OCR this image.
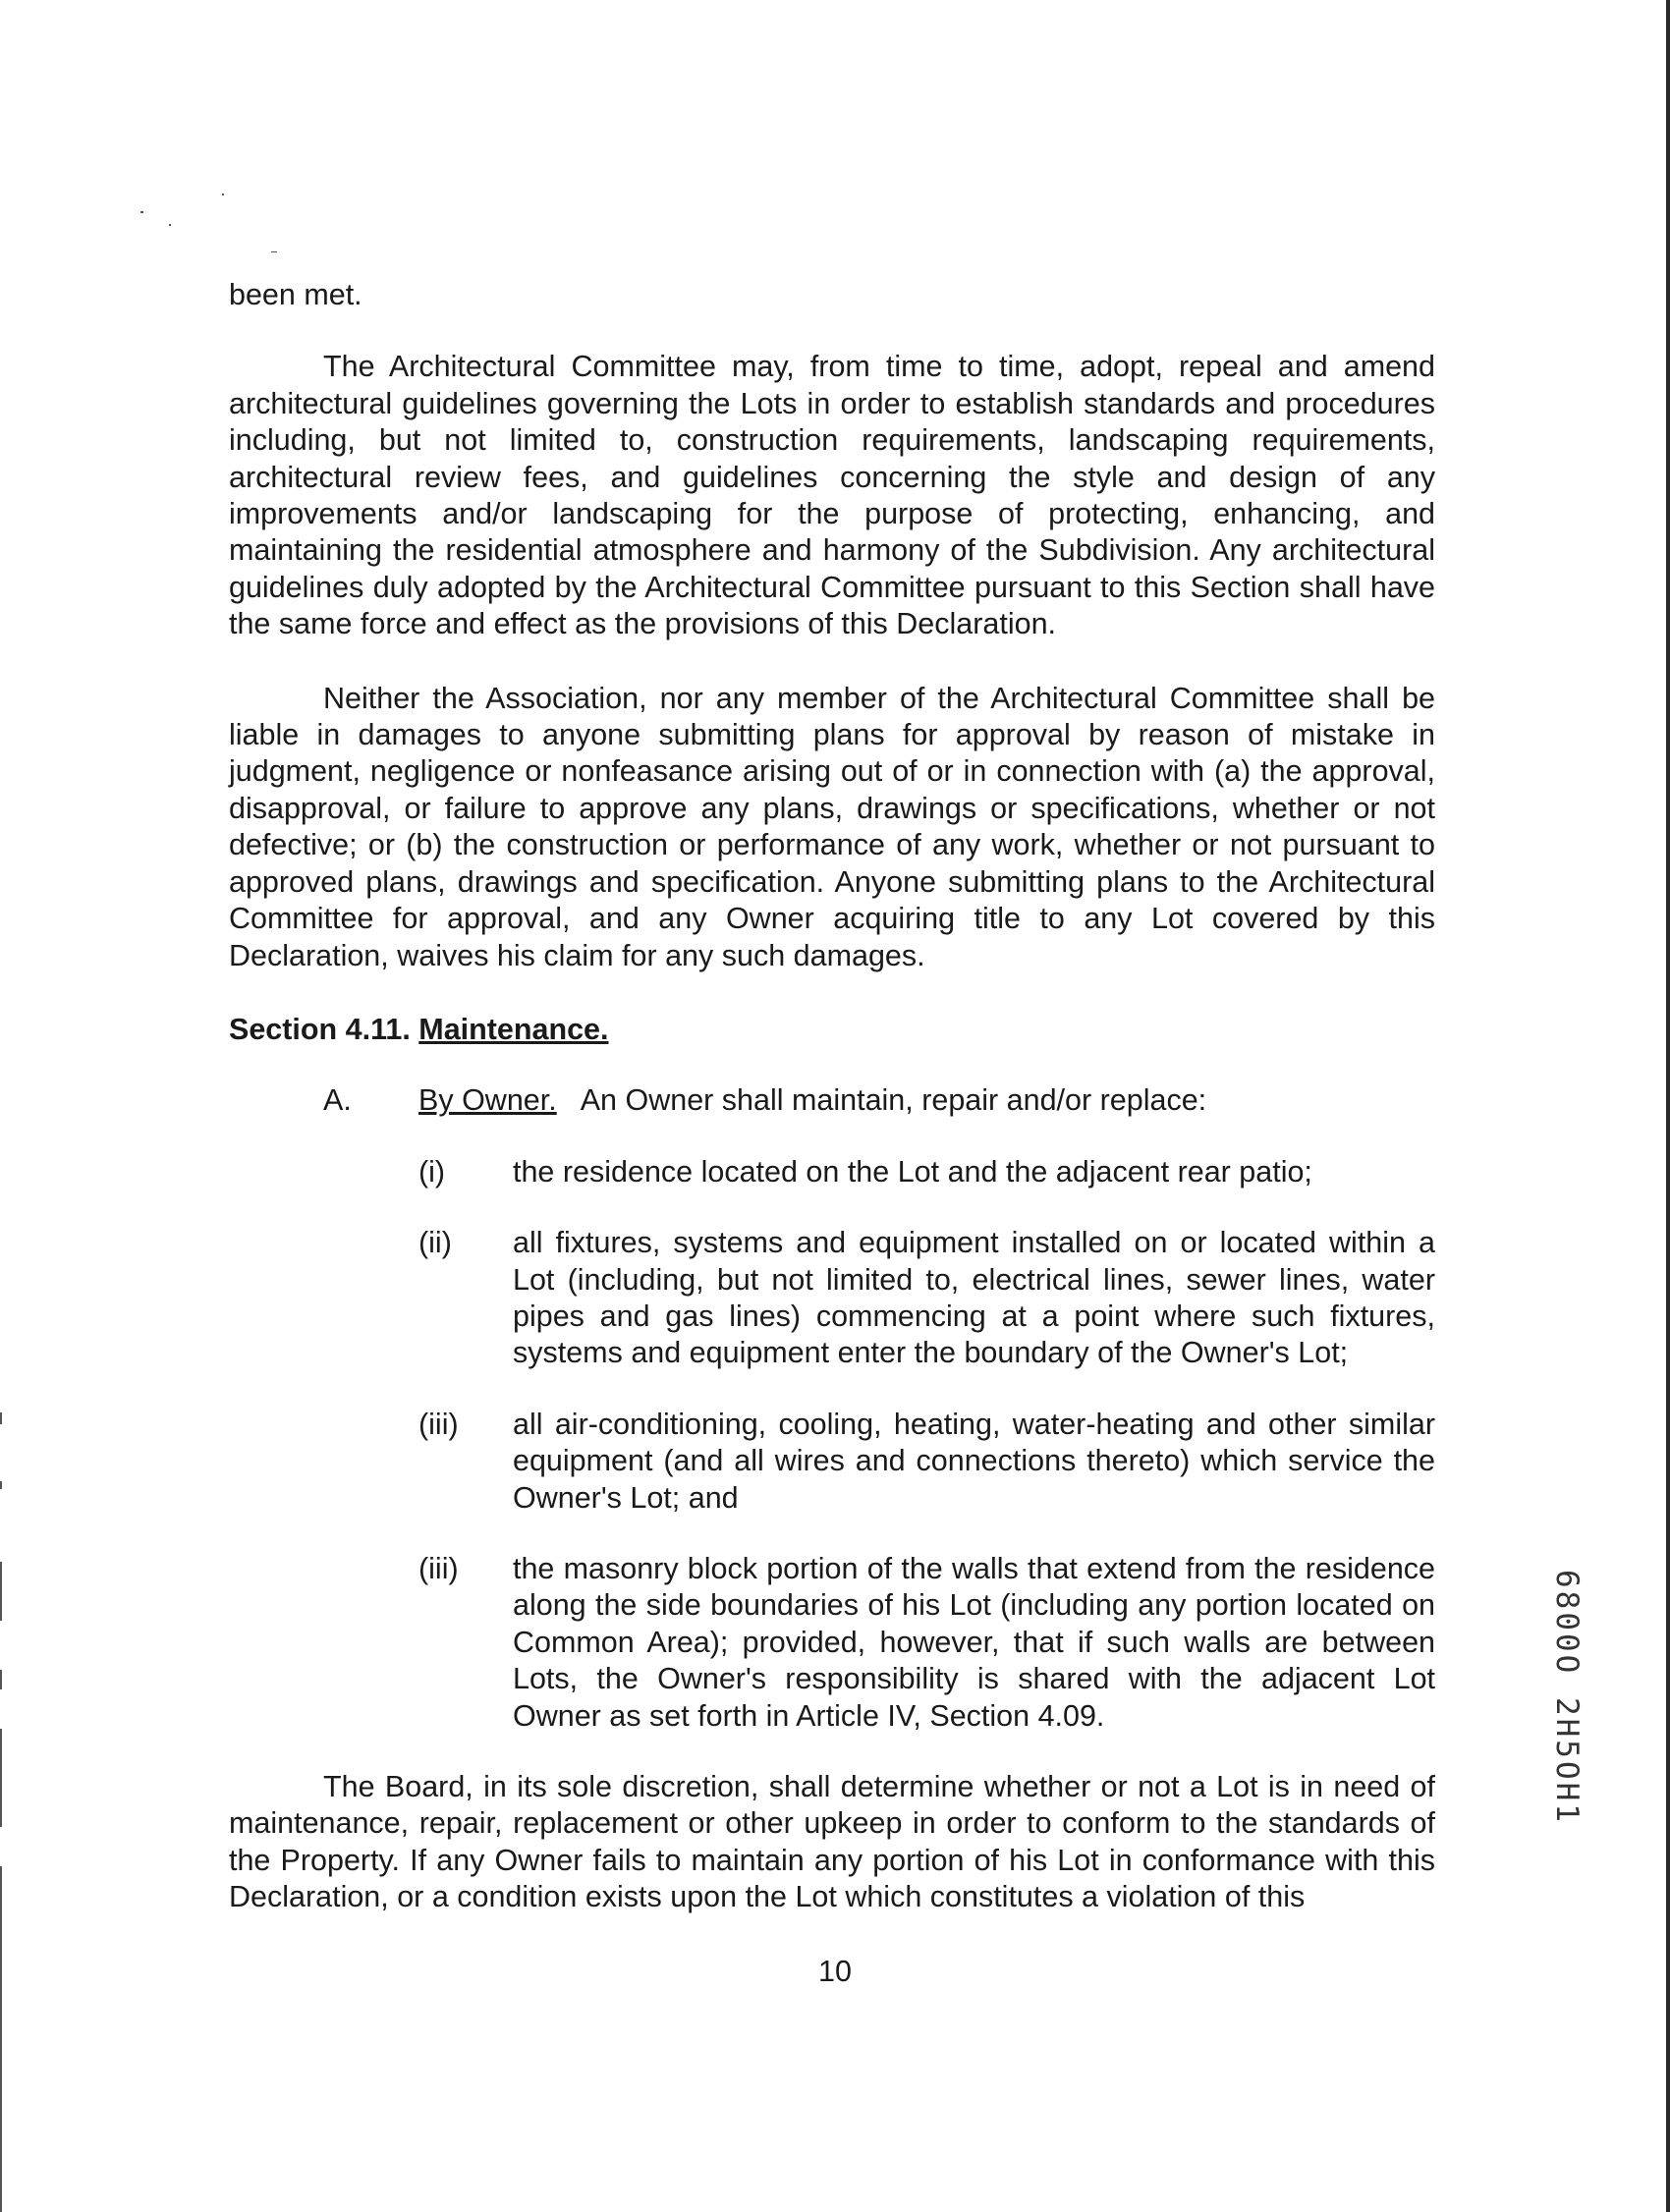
been met.

The Architectural Committee may, from time to time, adopt, repeal and amend architectural guidelines governing the Lots in order to establish standards and procedures including, but not limited to, construction requirements, landscaping requirements, architectural review fees, and guidelines concerning the style and design of any improvements and/or landscaping for the purpose of protecting, enhancing, and maintaining the residential atmosphere and harmony of the Subdivision. Any architectural guidelines duly adopted by the Architectural Committee pursuant to this Section shall have the same force and effect as the provisions of this Declaration.

Neither the Association, nor any member of the Architectural Committee shall be liable in damages to anyone submitting plans for approval by reason of mistake in judgment, negligence or nonfeasance arising out of or in connection with (a) the approval, disapproval, or failure to approve any plans, drawings or specifications, whether or not defective; or (b) the construction or performance of any work, whether or not pursuant to approved plans, drawings and specification. Anyone submitting plans to the Architectural Committee for approval, and any Owner acquiring title to any Lot covered by this Declaration, waives his claim for any such damages.

Section 4.11. Maintenance.

A.	By Owner. An Owner shall maintain, repair and/or replace:
(i)	the residence located on the Lot and the adjacent rear patio;
(ii)	all fixtures, systems and equipment installed on or located within a Lot (including, but not limited to, electrical lines, sewer lines, water pipes and gas lines) commencing at a point where such fixtures, systems and equipment enter the boundary of the Owner's Lot;
(iii)	all air-conditioning, cooling, heating, water-heating and other similar equipment (and all wires and connections thereto) which service the Owner's Lot; and
(iii)	the masonry block portion of the walls that extend from the residence along the side boundaries of his Lot (including any portion located on Common Area); provided, however, that if such walls are between Lots, the Owner's responsibility is shared with the adjacent Lot Owner as set forth in Article IV, Section 4.09.

The Board, in its sole discretion, shall determine whether or not a Lot is in need of maintenance, repair, replacement or other upkeep in order to conform to the standards of the Property. If any Owner fails to maintain any portion of his Lot in conformance with this Declaration, or a condition exists upon the Lot which constitutes a violation of this

10
6800O 2H5OH1
